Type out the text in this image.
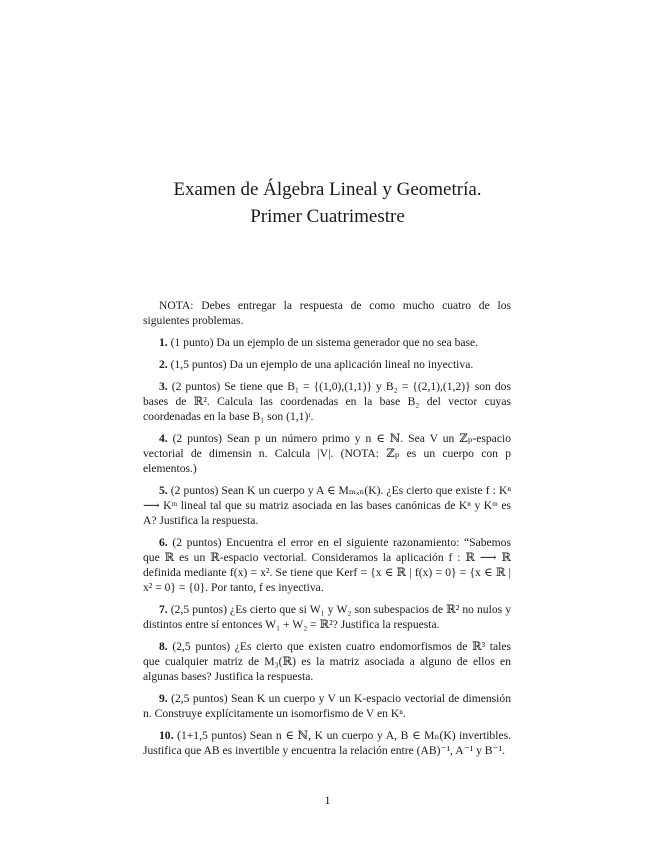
Examen de Álgebra Lineal y Geometría.
Primer Cuatrimestre

NOTA: Debes entregar la respuesta de como mucho cuatro de los siguientes problemas.

1. (1 punto) Da un ejemplo de un sistema generador que no sea base.

2. (1,5 puntos) Da un ejemplo de una aplicación lineal no inyectiva.

3. (2 puntos) Se tiene que B₁ = {(1,0),(1,1)} y B₂ = {(2,1),(1,2)} son dos bases de ℝ². Calcula las coordenadas en la base B₂ del vector cuyas coordenadas en la base B₁ son (1,1)ᵗ.

4. (2 puntos) Sean p un número primo y n ∈ ℕ. Sea V un ℤₚ-espacio vectorial de dimensin n. Calcula |V|. (NOTA: ℤₚ es un cuerpo con p elementos.)

5. (2 puntos) Sean K un cuerpo y A ∈ Mₘₓₙ(K). ¿Es cierto que existe f : Kⁿ ⟶ Kᵐ lineal tal que su matriz asociada en las bases canónicas de Kⁿ y Kᵐ es A? Justifica la respuesta.

6. (2 puntos) Encuentra el error en el siguiente razonamiento: “Sabemos que ℝ es un ℝ-espacio vectorial. Consideramos la aplicación f : ℝ ⟶ ℝ definida mediante f(x) = x². Se tiene que Kerf = {x ∈ ℝ | f(x) = 0} = {x ∈ ℝ | x² = 0} = {0}. Por tanto, f es inyectiva.

7. (2,5 puntos) ¿Es cierto que si W₁ y W₂ son subespacios de ℝ² no nulos y distintos entre sí entonces W₁ + W₂ = ℝ²? Justifica la respuesta.

8. (2,5 puntos) ¿Es cierto que existen cuatro endomorfismos de ℝ³ tales que cualquier matriz de M₃(ℝ) es la matriz asociada a alguno de ellos en algunas bases? Justifica la respuesta.

9. (2,5 puntos) Sean K un cuerpo y V un K-espacio vectorial de dimensión n. Construye explícitamente un isomorfismo de V en Kⁿ.

10. (1+1,5 puntos) Sean n ∈ ℕ, K un cuerpo y A, B ∈ Mₙ(K) invertibles. Justifica que AB es invertible y encuentra la relación entre (AB)⁻¹, A⁻¹ y B⁻¹.

1
